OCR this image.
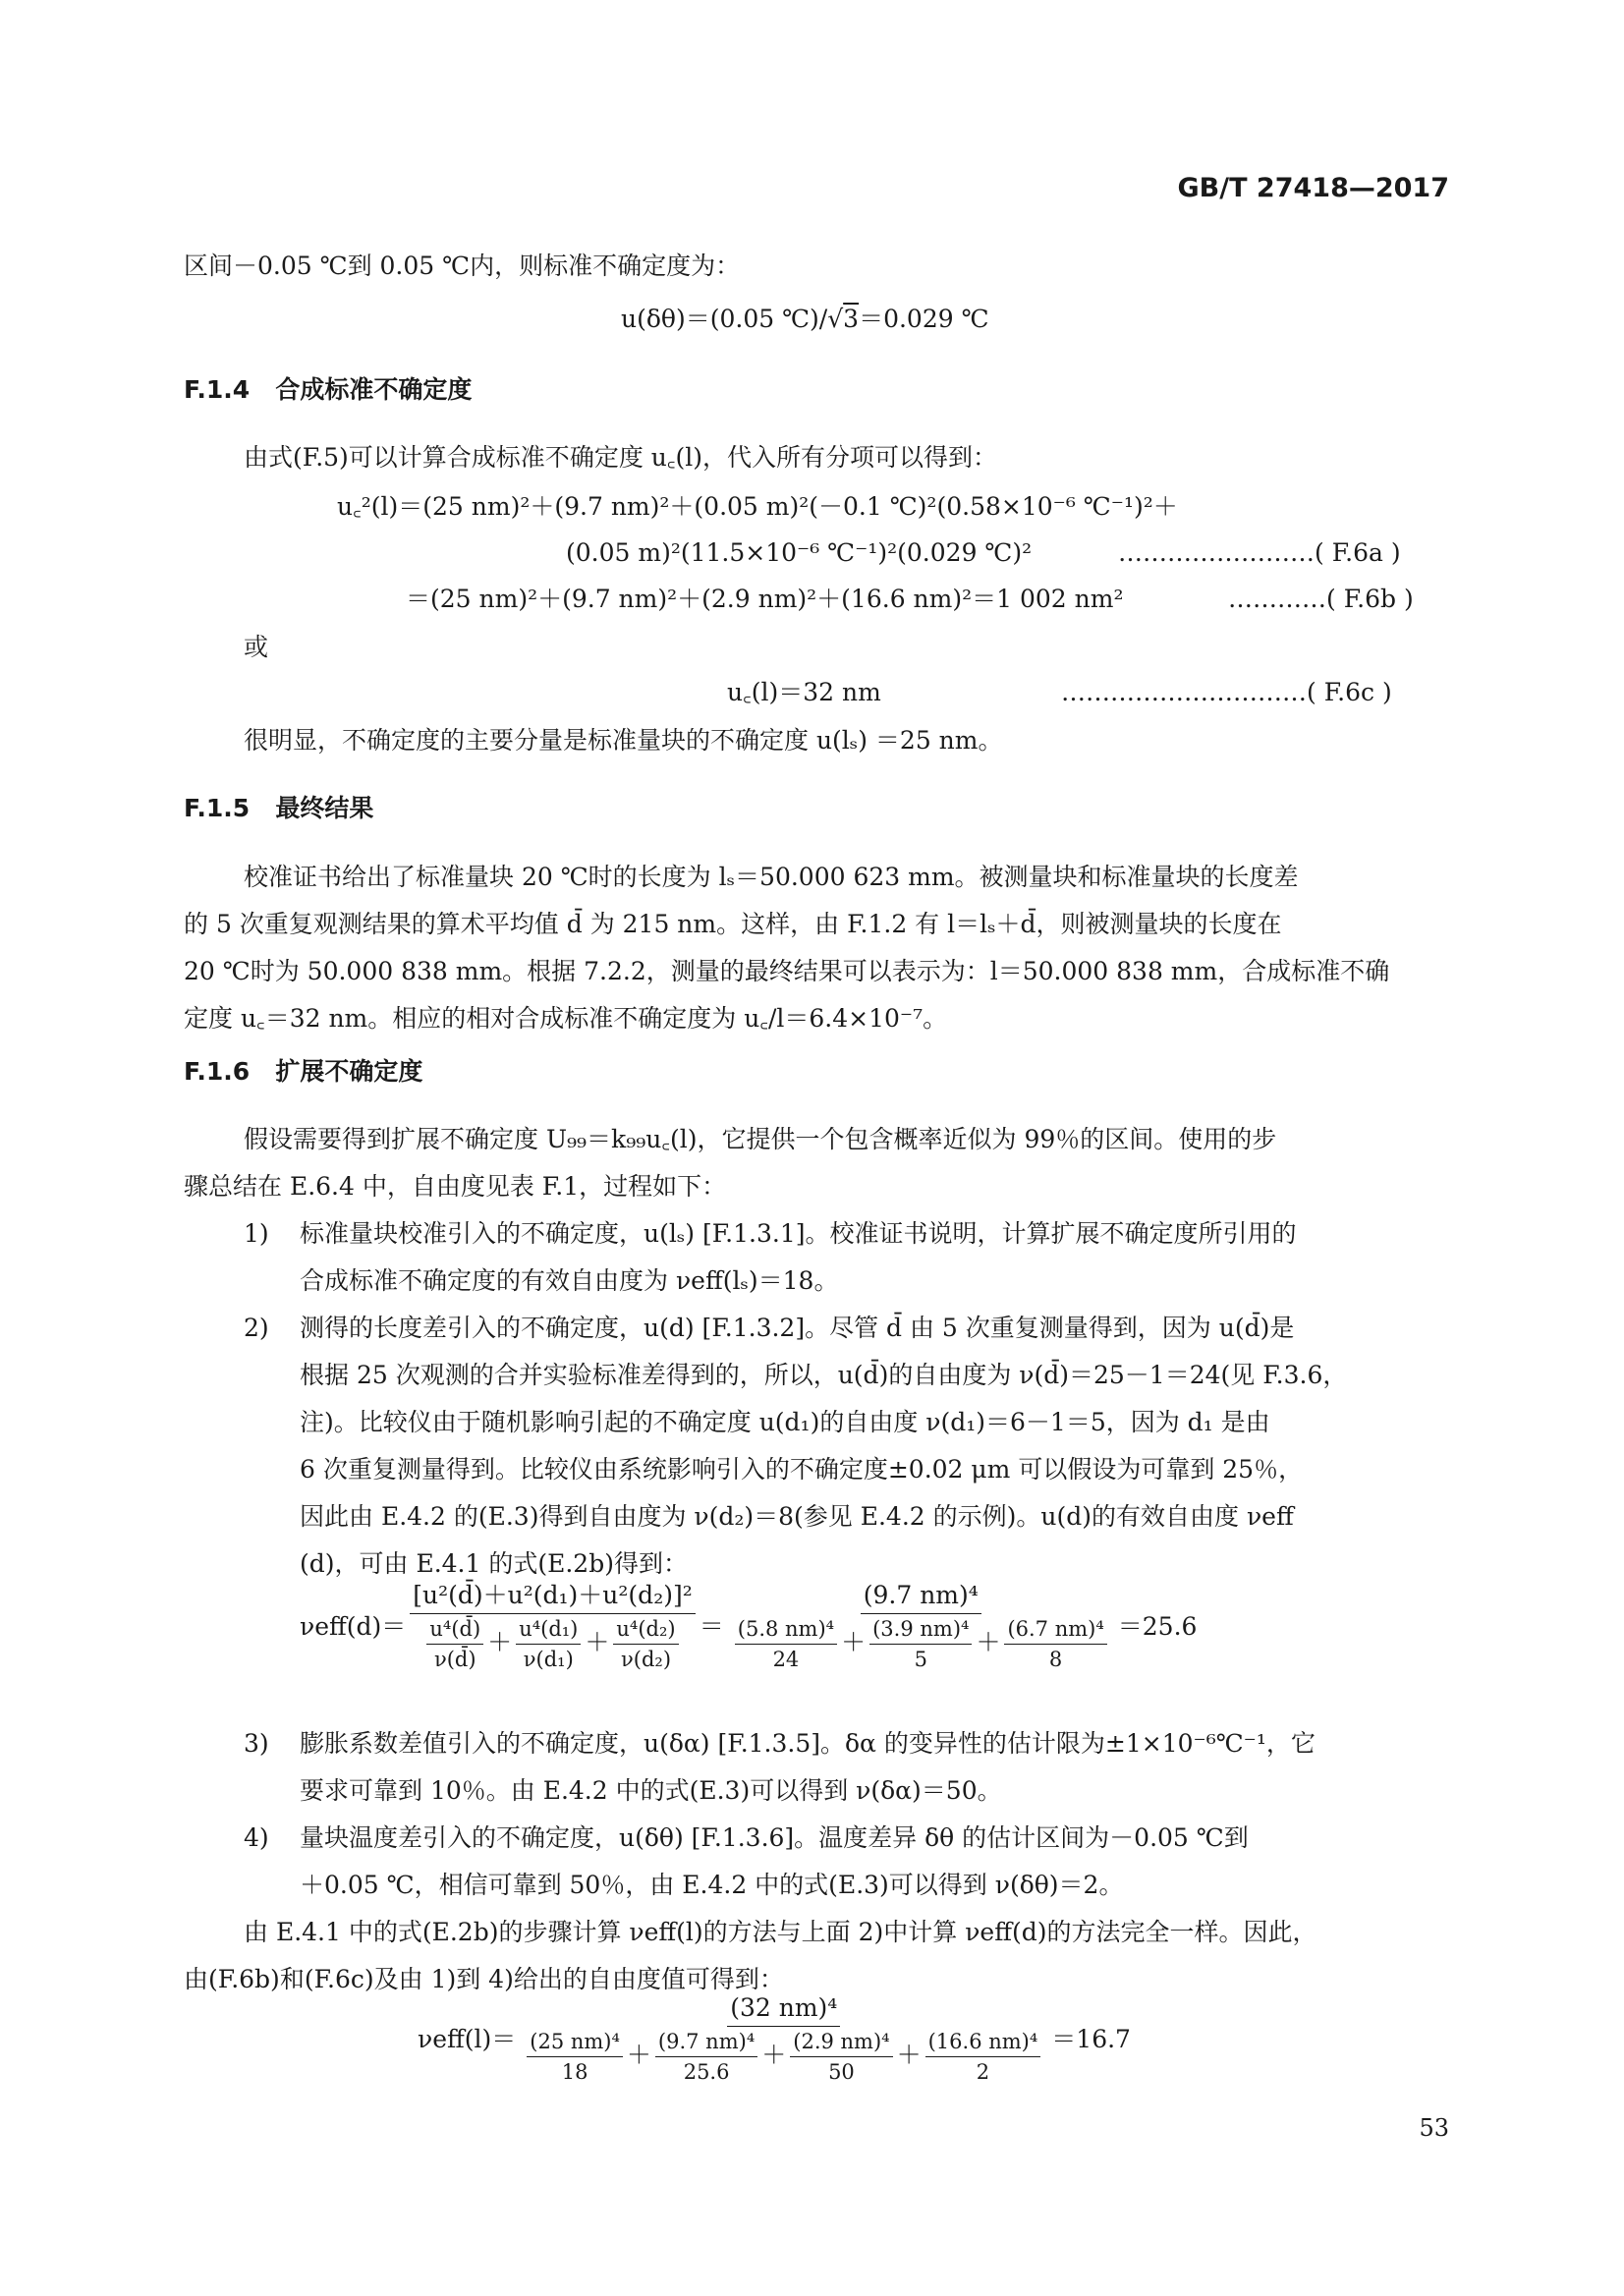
GB/T 27418—2017
区间－0.05 ℃到 0.05 ℃内，则标准不确定度为：
u(δθ)＝(0.05 ℃)/√3＝0.029 ℃
F.1.4 合成标准不确定度
由式(F.5)可以计算合成标准不确定度 u꜀(l)，代入所有分项可以得到：
u꜀²(l)＝(25 nm)²＋(9.7 nm)²＋(0.05 m)²(－0.1 ℃)²(0.58×10⁻⁶ ℃⁻¹)²＋
(0.05 m)²(11.5×10⁻⁶ ℃⁻¹)²(0.029 ℃)²	……………………( F.6a )
＝(25 nm)²＋(9.7 nm)²＋(2.9 nm)²＋(16.6 nm)²＝1 002 nm²	…………( F.6b )
或
u꜀(l)＝32 nm	…………………………( F.6c )
很明显，不确定度的主要分量是标准量块的不确定度 u(lₛ) ＝25 nm。
F.1.5 最终结果
校准证书给出了标准量块 20 ℃时的长度为 lₛ＝50.000 623 mm。被测量块和标准量块的长度差
的 5 次重复观测结果的算术平均值 d̄ 为 215 nm。这样，由 F.1.2 有 l＝lₛ＋d̄，则被测量块的长度在
20 ℃时为 50.000 838 mm。根据 7.2.2，测量的最终结果可以表示为：l＝50.000 838 mm，合成标准不确
定度 u꜀＝32 nm。相应的相对合成标准不确定度为 u꜀/l＝6.4×10⁻⁷。
F.1.6 扩展不确定度
假设需要得到扩展不确定度 U₉₉＝k₉₉u꜀(l)，它提供一个包含概率近似为 99％的区间。使用的步
骤总结在 E.6.4 中，自由度见表 F.1，过程如下：
1) 标准量块校准引入的不确定度，u(lₛ) [F.1.3.1]。校准证书说明，计算扩展不确定度所引用的
合成标准不确定度的有效自由度为 νeff(lₛ)＝18。
2) 测得的长度差引入的不确定度，u(d) [F.1.3.2]。尽管 d̄ 由 5 次重复测量得到，因为 u(d̄)是
根据 25 次观测的合并实验标准差得到的，所以，u(d̄)的自由度为 ν(d̄)＝25－1＝24(见 F.3.6，
注)。比较仪由于随机影响引起的不确定度 u(d₁)的自由度 ν(d₁)＝6－1＝5，因为 d₁ 是由
6 次重复测量得到。比较仪由系统影响引入的不确定度±0.02 μm 可以假设为可靠到 25％，
因此由 E.4.2 的(E.3)得到自由度为 ν(d₂)＝8(参见 E.4.2 的示例)。u(d)的有效自由度 νeff
(d)，可由 E.4.1 的式(E.2b)得到：
$\nu eff(d)= \frac{\text{[u²(d̄)＋u²(d₁)＋u²(d₂)]²}}{\frac{\text{u⁴(d̄)}}{\nu(d̄)} + \frac{\text{u⁴(d₁)}}{\text{ν(d₁)}} + \frac{\text{u⁴(d₂)}}{\text{ν(d₂)}}} = \frac{\text{(9.7 nm)⁴}}{\frac{\text{(5.8 nm)⁴}}{24} + \frac{\text{(3.9 nm)⁴}}{5} + \frac{\text{(6.7 nm)⁴}}{8}} =25.6$
3) 膨胀系数差值引入的不确定度，u(δα) [F.1.3.5]。δα 的变异性的估计限为±1×10⁻⁶℃⁻¹，它
要求可靠到 10％。由 E.4.2 中的式(E.3)可以得到 ν(δα)＝50。
4) 量块温度差引入的不确定度，u(δθ) [F.1.3.6]。温度差异 δθ 的估计区间为－0.05 ℃到
＋0.05 ℃，相信可靠到 50％，由 E.4.2 中的式(E.3)可以得到 ν(δθ)＝2。
由 E.4.1 中的式(E.2b)的步骤计算 νeff(l)的方法与上面 2)中计算 νeff(d)的方法完全一样。因此，
由(F.6b)和(F.6c)及由 1)到 4)给出的自由度值可得到：
$\nu eff(l)= \frac{\text{(32 nm)⁴}}{\frac{\text{(25 nm)⁴}}{18} + \frac{\text{(9.7 nm)⁴}}{25.6} + \frac{\text{(2.9 nm)⁴}}{50} + \frac{\text{(16.6 nm)⁴}}{2}} =16.7$
53
